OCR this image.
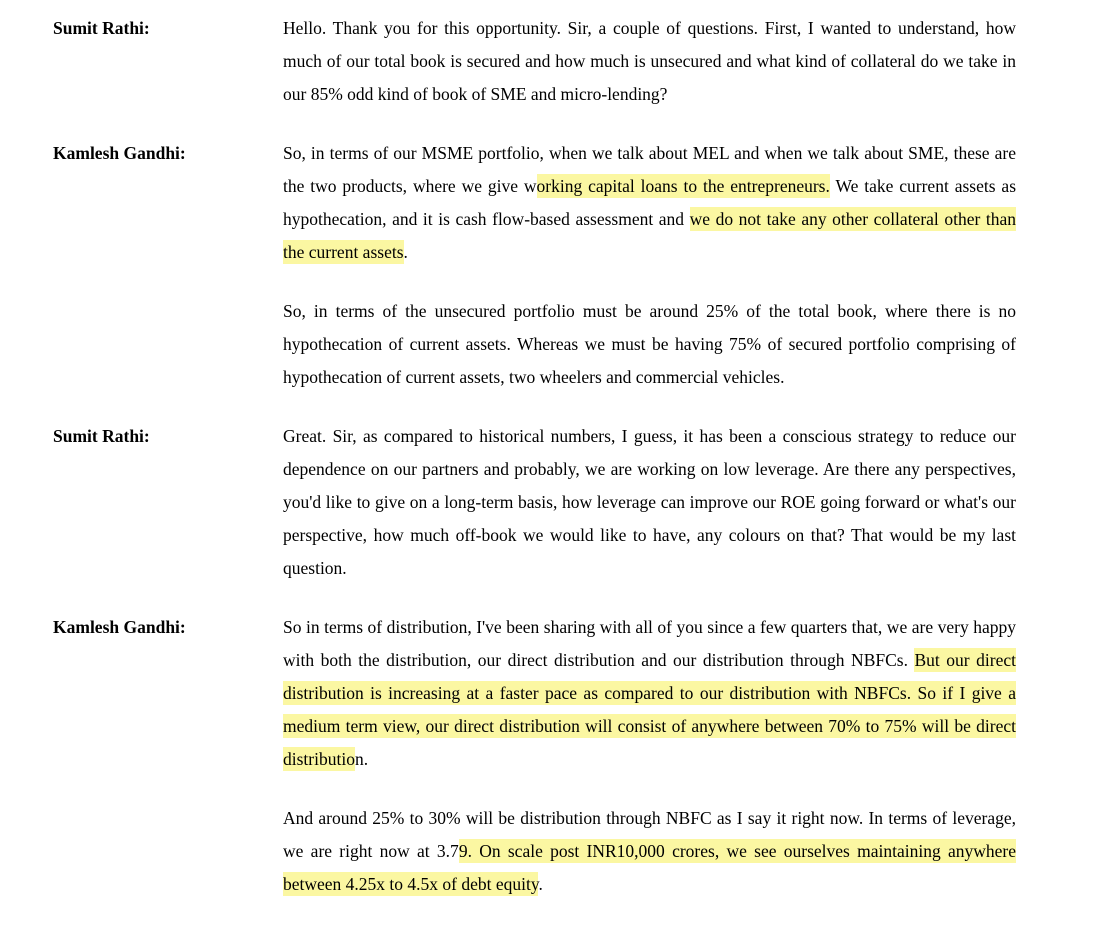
Sumit Rathi:	Hello. Thank you for this opportunity. Sir, a couple of questions. First, I wanted to understand, how much of our total book is secured and how much is unsecured and what kind of collateral do we take in our 85% odd kind of book of SME and micro-lending?

Kamlesh Gandhi:	So, in terms of our MSME portfolio, when we talk about MEL and when we talk about SME, these are the two products, where we give working capital loans to the entrepreneurs. We take current assets as hypothecation, and it is cash flow-based assessment and we do not take any other collateral other than the current assets.

So, in terms of the unsecured portfolio must be around 25% of the total book, where there is no hypothecation of current assets. Whereas we must be having 75% of secured portfolio comprising of hypothecation of current assets, two wheelers and commercial vehicles.

Sumit Rathi:	Great. Sir, as compared to historical numbers, I guess, it has been a conscious strategy to reduce our dependence on our partners and probably, we are working on low leverage. Are there any perspectives, you'd like to give on a long-term basis, how leverage can improve our ROE going forward or what's our perspective, how much off-book we would like to have, any colours on that? That would be my last question.

Kamlesh Gandhi:	So in terms of distribution, I've been sharing with all of you since a few quarters that, we are very happy with both the distribution, our direct distribution and our distribution through NBFCs. But our direct distribution is increasing at a faster pace as compared to our distribution with NBFCs. So if I give a medium term view, our direct distribution will consist of anywhere between 70% to 75% will be direct distribution.

And around 25% to 30% will be distribution through NBFC as I say it right now. In terms of leverage, we are right now at 3.79. On scale post INR10,000 crores, we see ourselves maintaining anywhere between 4.25x to 4.5x of debt equity.
